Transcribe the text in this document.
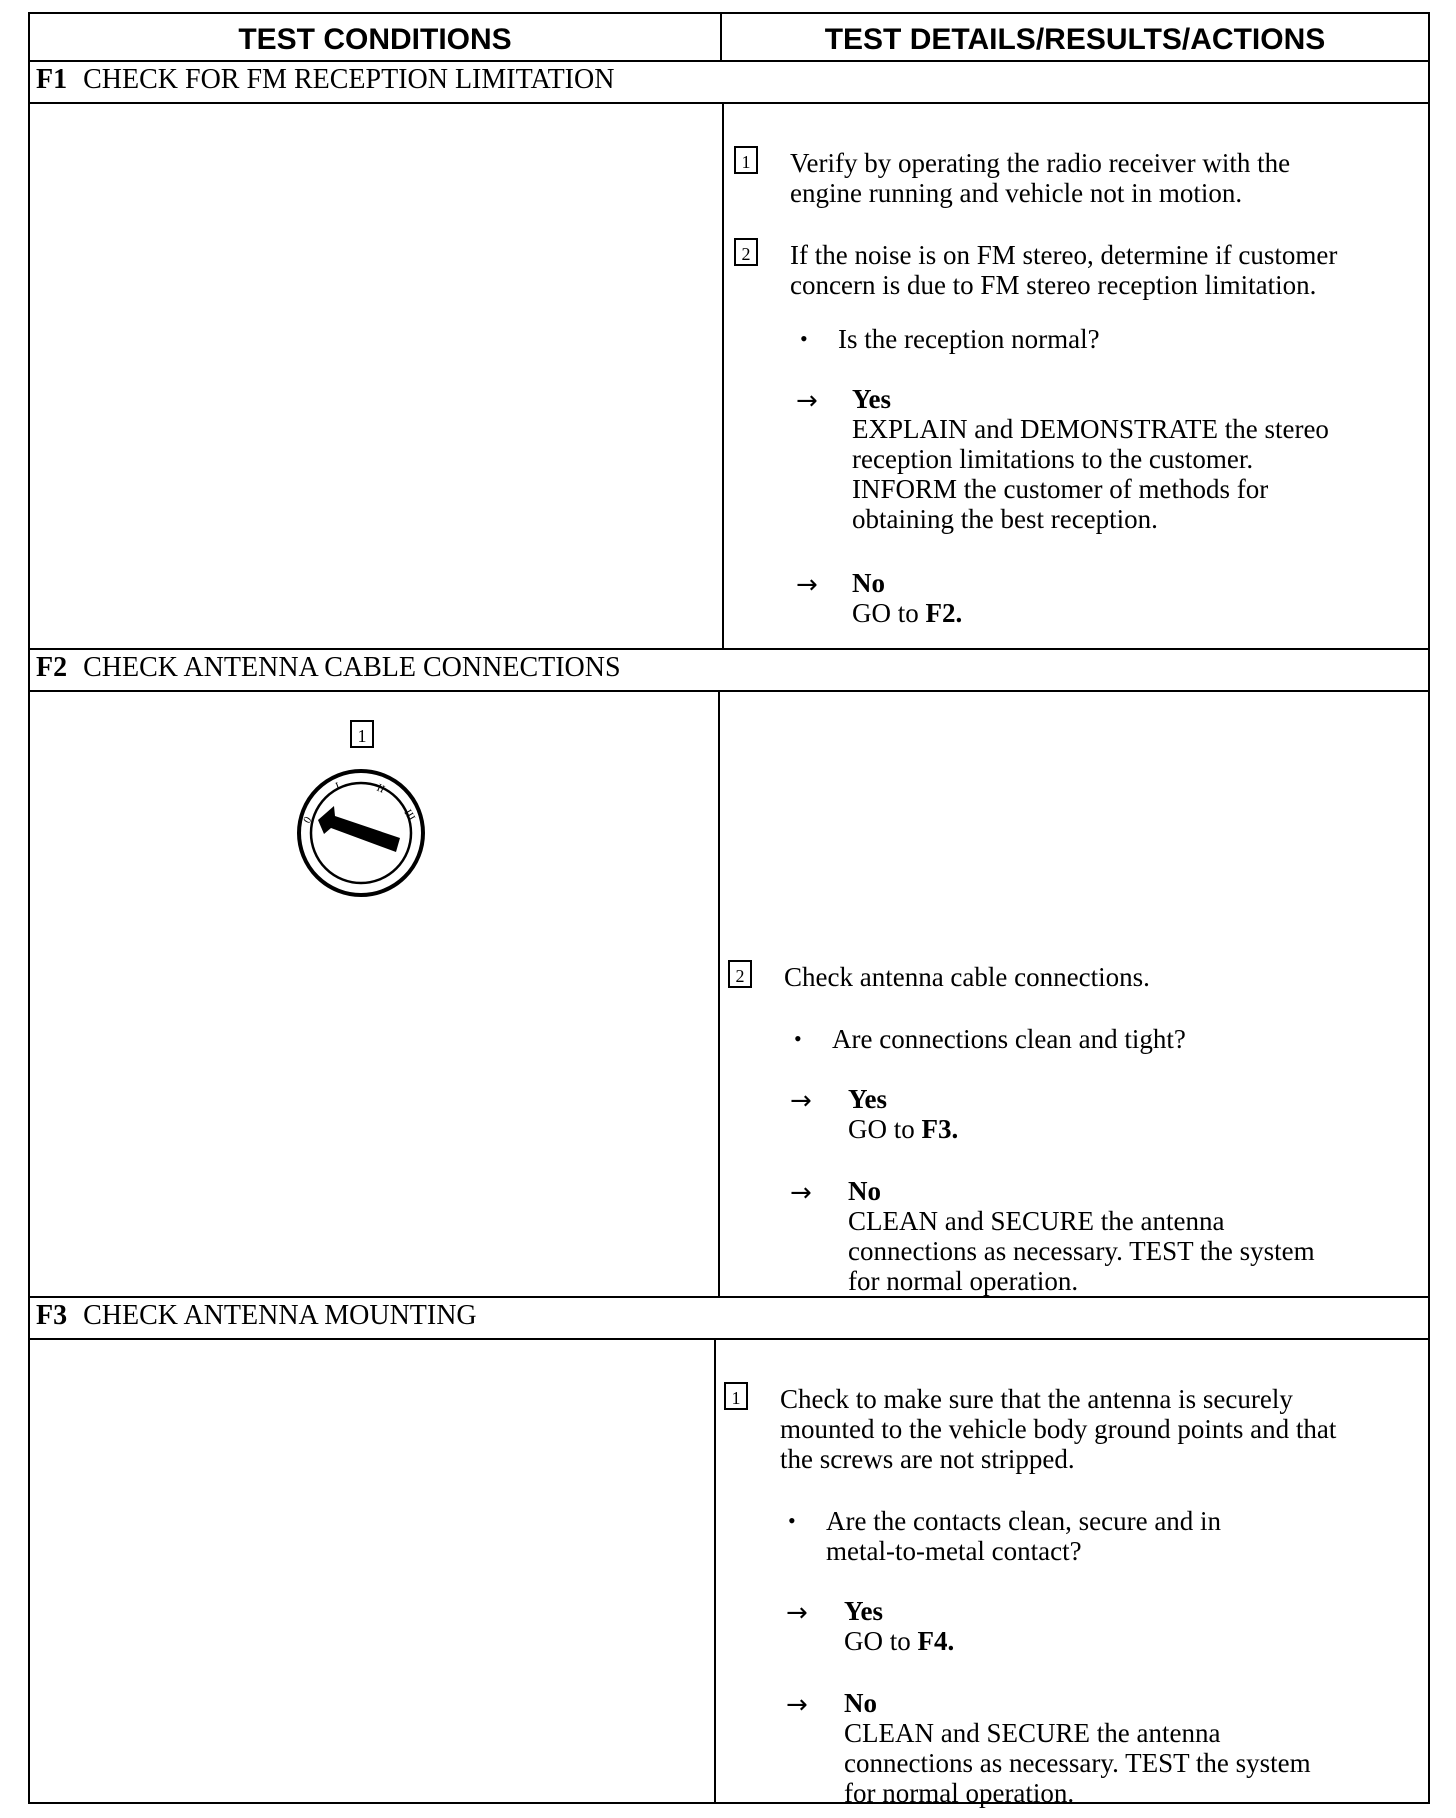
TEST CONDITIONS	TEST DETAILS/RESULTS/ACTIONS
F1 CHECK FOR FM RECEPTION LIMITATION
1 Verify by operating the radio receiver with the
engine running and vehicle not in motion.
2 If the noise is on FM stereo, determine if customer
concern is due to FM stereo reception limitation.
• Is the reception normal?
→ Yes
EXPLAIN and DEMONSTRATE the stereo
reception limitations to the customer.
INFORM the customer of methods for
obtaining the best reception.
→ No
GO to F2.
F2 CHECK ANTENNA CABLE CONNECTIONS
1
0
I	II
III
2 Check antenna cable connections.
• Are connections clean and tight?
→ Yes
GO to F3.
→ No
CLEAN and SECURE the antenna
connections as necessary. TEST the system
for normal operation.
F3 CHECK ANTENNA MOUNTING
1 Check to make sure that the antenna is securely
mounted to the vehicle body ground points and that
the screws are not stripped.
• Are the contacts clean, secure and in
metal-to-metal contact?
→ Yes
GO to F4.
→ No
CLEAN and SECURE the antenna
connections as necessary. TEST the system
for normal operation.
